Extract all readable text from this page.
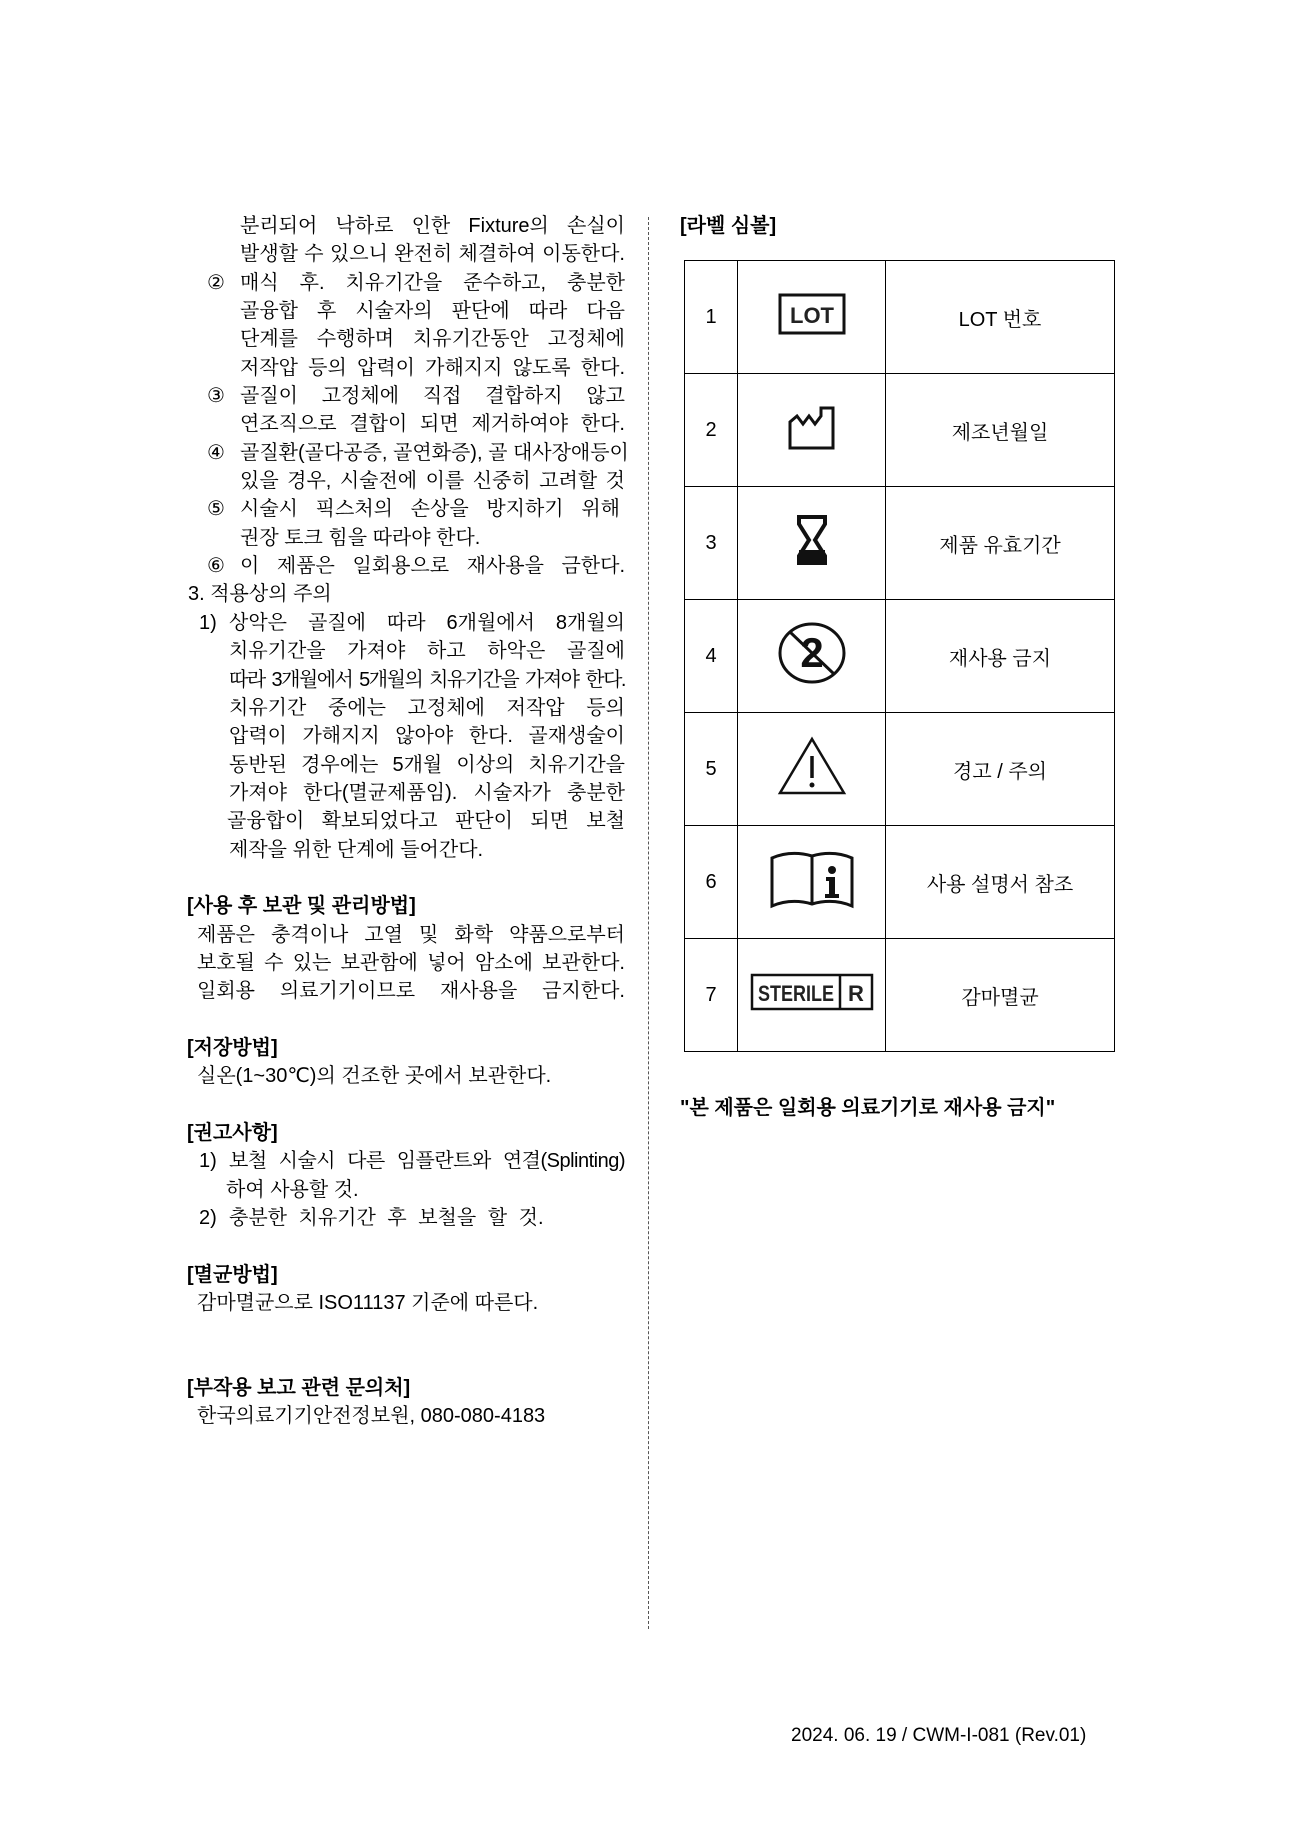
분리되어 낙하로 인한 Fixture의 손실이
발생할 수 있으니 완전히 체결하여 이동한다.
② 매식 후. 치유기간을 준수하고, 충분한
골융합 후 시술자의 판단에 따라 다음
단계를 수행하며 치유기간동안 고정체에
저작압 등의 압력이 가해지지 않도록 한다.
③ 골질이 고정체에 직접 결합하지 않고
연조직으로 결합이 되면 제거하여야 한다.
④ 골질환(골다공증, 골연화증), 골 대사장애등이
있을 경우, 시술전에 이를 신중히 고려할 것
⑤ 시술시 픽스처의 손상을 방지하기 위해
권장 토크 힘을 따라야 한다.
⑥ 이 제품은 일회용으로 재사용을 금한다.
3. 적용상의 주의
1) 상악은 골질에 따라 6개월에서 8개월의
치유기간을 가져야 하고 하악은 골질에
따라 3개월에서 5개월의 치유기간을 가져야 한다.
치유기간 중에는 고정체에 저작압 등의
압력이 가해지지 않아야 한다. 골재생술이
동반된 경우에는 5개월 이상의 치유기간을
가져야 한다(멸균제품임). 시술자가 충분한
골융합이 확보되었다고 판단이 되면 보철
제작을 위한 단계에 들어간다.
[사용 후 보관 및 관리방법]
제품은 충격이나 고열 및 화학 약품으로부터
보호될 수 있는 보관함에 넣어 암소에 보관한다.
일회용 의료기기이므로 재사용을 금지한다.
[저장방법]
실온(1~30℃)의 건조한 곳에서 보관한다.
[권고사항]
1) 보철 시술시 다른 임플란트와 연결(Splinting)
하여 사용할 것.
2) 충분한 치유기간 후 보철을 할 것.
[멸균방법]
감마멸균으로 ISO11137 기준에 따른다.
[부작용 보고 관련 문의처]
한국의료기기안전정보원, 080-080-4183
[라벨 심볼]
1	LOT	LOT 번호
2		제조년월일
3		제품 유효기간
4	2	재사용 금지
5		경고 / 주의
6		사용 설명서 참조
7	STERILE R	감마멸균
"본 제품은 일회용 의료기기로 재사용 금지"
2024. 06. 19 / CWM-I-081 (Rev.01)
